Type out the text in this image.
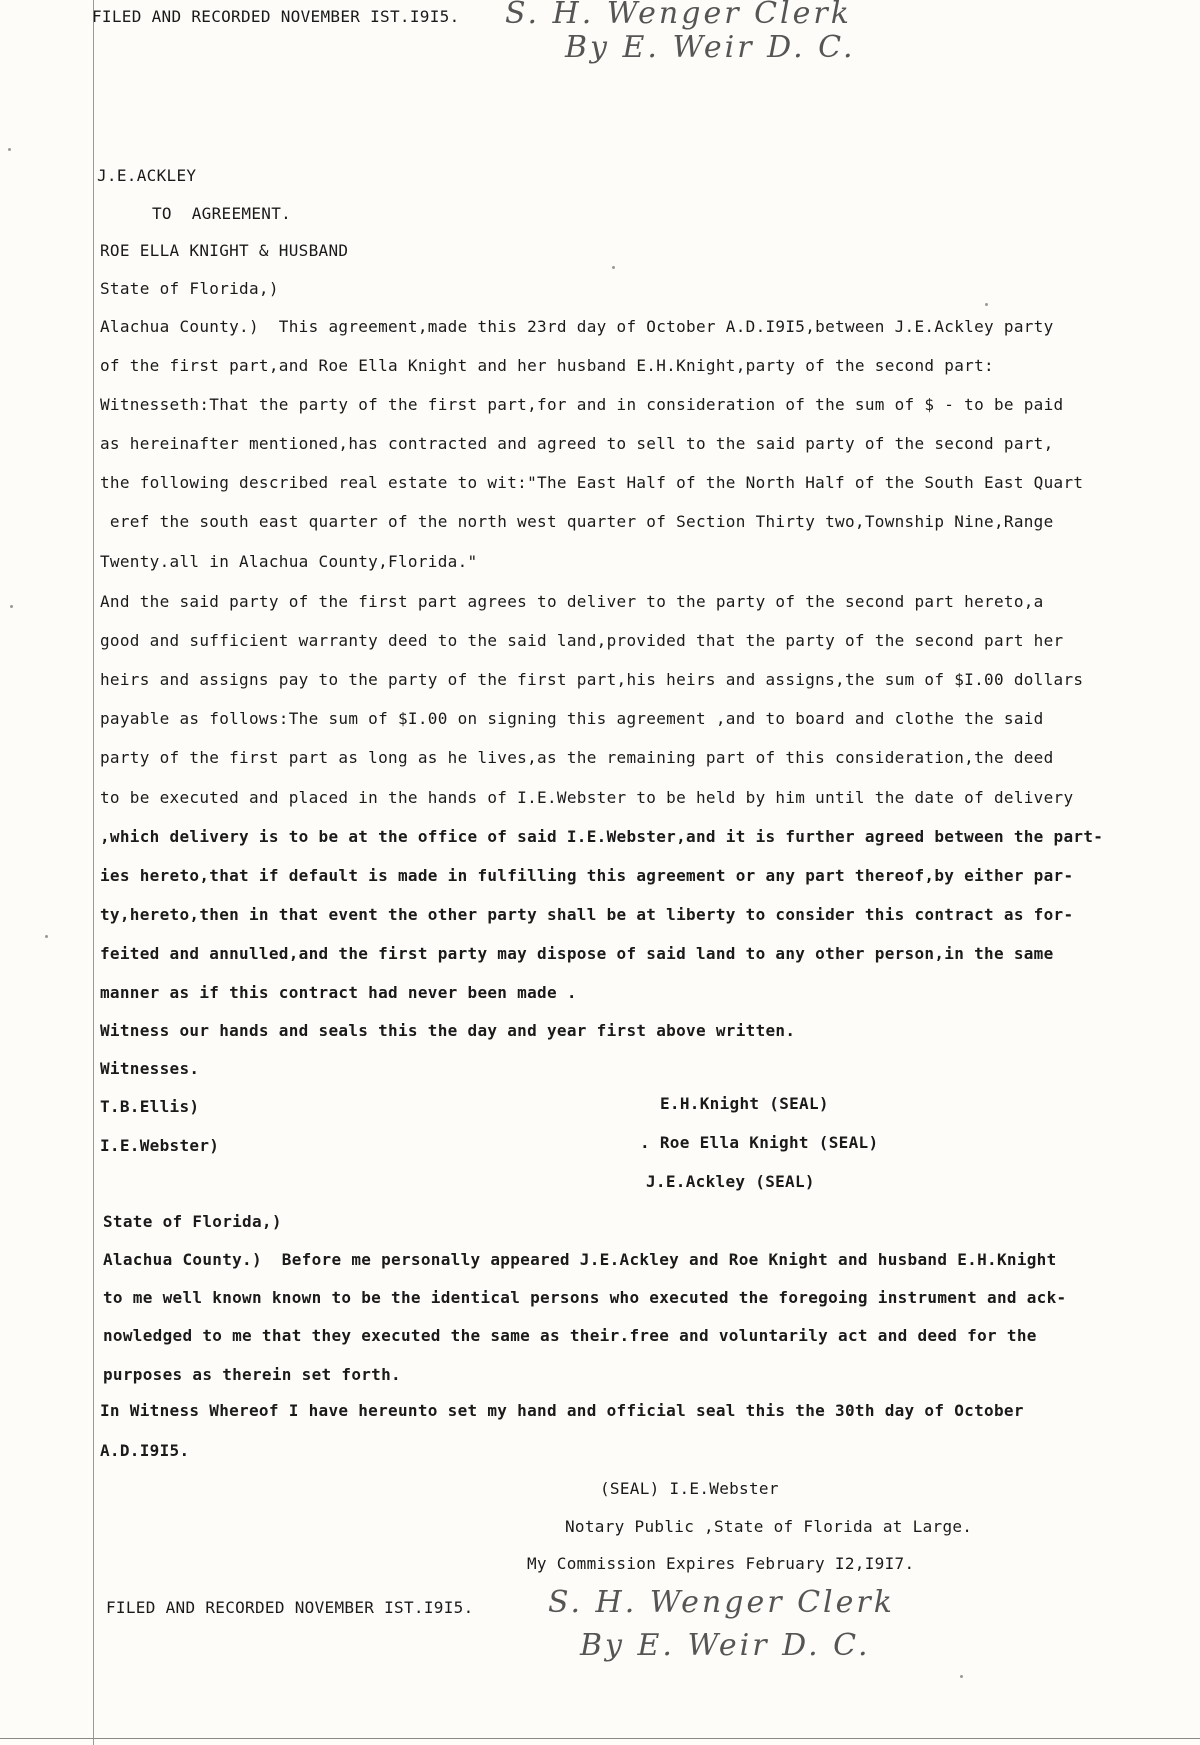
FILED AND RECORDED NOVEMBER IST.I9I5. S. H. Wenger Clerk
By E. Weir D. C.
J.E.ACKLEY
TO  AGREEMENT.
ROE ELLA KNIGHT & HUSBAND
State of Florida,)
Alachua County.)  This agreement,made this 23rd day of October A.D.I9I5,between J.E.Ackley party
of the first part,and Roe Ella Knight and her husband E.H.Knight,party of the second part:
Witnesseth:That the party of the first part,for and in consideration of the sum of $ - to be paid
as hereinafter mentioned,has contracted and agreed to sell to the said party of the second part,
the following described real estate to wit:"The East Half of the North Half of the South East Quart
eref the south east quarter of the north west quarter of Section Thirty two,Township Nine,Range
Twenty.all in Alachua County,Florida."
And the said party of the first part agrees to deliver to the party of the second part hereto,a
good and sufficient warranty deed to the said land,provided that the party of the second part her
heirs and assigns pay to the party of the first part,his heirs and assigns,the sum of $I.00 dollars
payable as follows:The sum of $I.00 on signing this agreement ,and to board and clothe the said
party of the first part as long as he lives,as the remaining part of this consideration,the deed
to be executed and placed in the hands of I.E.Webster to be held by him until the date of delivery
,which delivery is to be at the office of said I.E.Webster,and it is further agreed between the part-
ies hereto,that if default is made in fulfilling this agreement or any part thereof,by either par-
ty,hereto,then in that event the other party shall be at liberty to consider this contract as for-
feited and annulled,and the first party may dispose of said land to any other person,in the same
manner as if this contract had never been made .
Witness our hands and seals this the day and year first above written.
Witnesses.
T.B.Ellis)
I.E.Webster)
E.H.Knight (SEAL)
. Roe Ella Knight (SEAL)
J.E.Ackley (SEAL)
State of Florida,)
Alachua County.)  Before me personally appeared J.E.Ackley and Roe Knight and husband E.H.Knight
to me well known known to be the identical persons who executed the foregoing instrument and ack-
nowledged to me that they executed the same as their.free and voluntarily act and deed for the
purposes as therein set forth.
In Witness Whereof I have hereunto set my hand and official seal this the 30th day of October
A.D.I9I5.
(SEAL) I.E.Webster
Notary Public ,State of Florida at Large.
My Commission Expires February I2,I9I7.
FILED AND RECORDED NOVEMBER IST.I9I5. S. H. Wenger Clerk
By E. Weir D. C.
